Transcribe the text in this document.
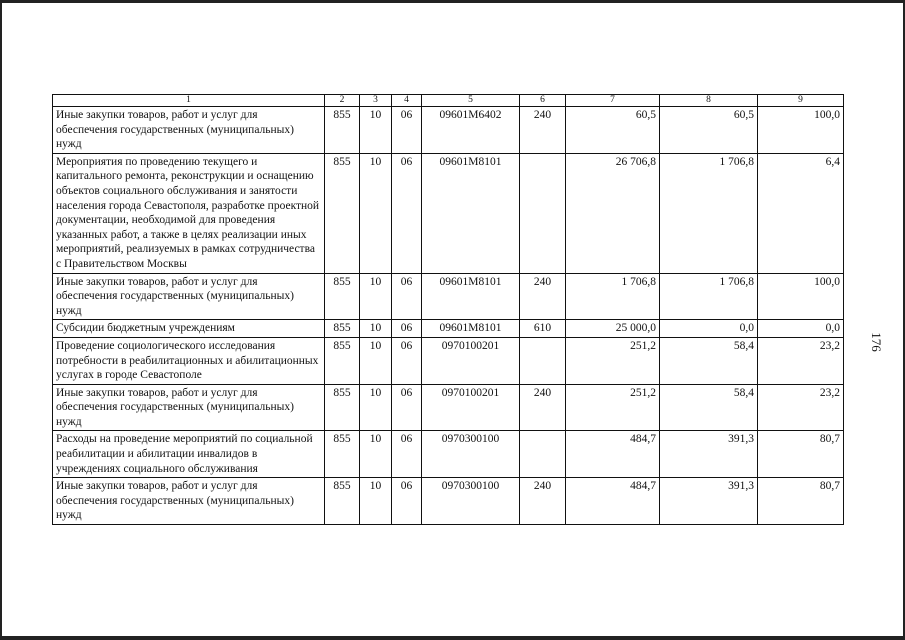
1	2	3	4	5	6	7	8	9
Иные закупки товаров, работ и услуг для обеспечения государственных (муниципальных) нужд	855	10	06	09601М6402	240	60,5	60,5	100,0
Мероприятия по проведению текущего и капитального ремонта, реконструкции и оснащению объектов социального обслуживания и занятости населения города Севастополя, разработке проектной документации, необходимой для проведения указанных работ, а также в целях реализации иных мероприятий, реализуемых в рамках сотрудничества с Правительством Москвы	855	10	06	09601М8101		26 706,8	1 706,8	6,4
Иные закупки товаров, работ и услуг для обеспечения государственных (муниципальных) нужд	855	10	06	09601М8101	240	1 706,8	1 706,8	100,0
Субсидии бюджетным учреждениям	855	10	06	09601М8101	610	25 000,0	0,0	0,0
Проведение социологического исследования потребности в реабилитационных и абилитационных услугах в городе Севастополе	855	10	06	0970100201		251,2	58,4	23,2
Иные закупки товаров, работ и услуг для обеспечения государственных (муниципальных) нужд	855	10	06	0970100201	240	251,2	58,4	23,2
Расходы на проведение мероприятий по социальной реабилитации и абилитации инвалидов в учреждениях социального обслуживания	855	10	06	0970300100		484,7	391,3	80,7
Иные закупки товаров, работ и услуг для обеспечения государственных (муниципальных) нужд	855	10	06	0970300100	240	484,7	391,3	80,7
176
